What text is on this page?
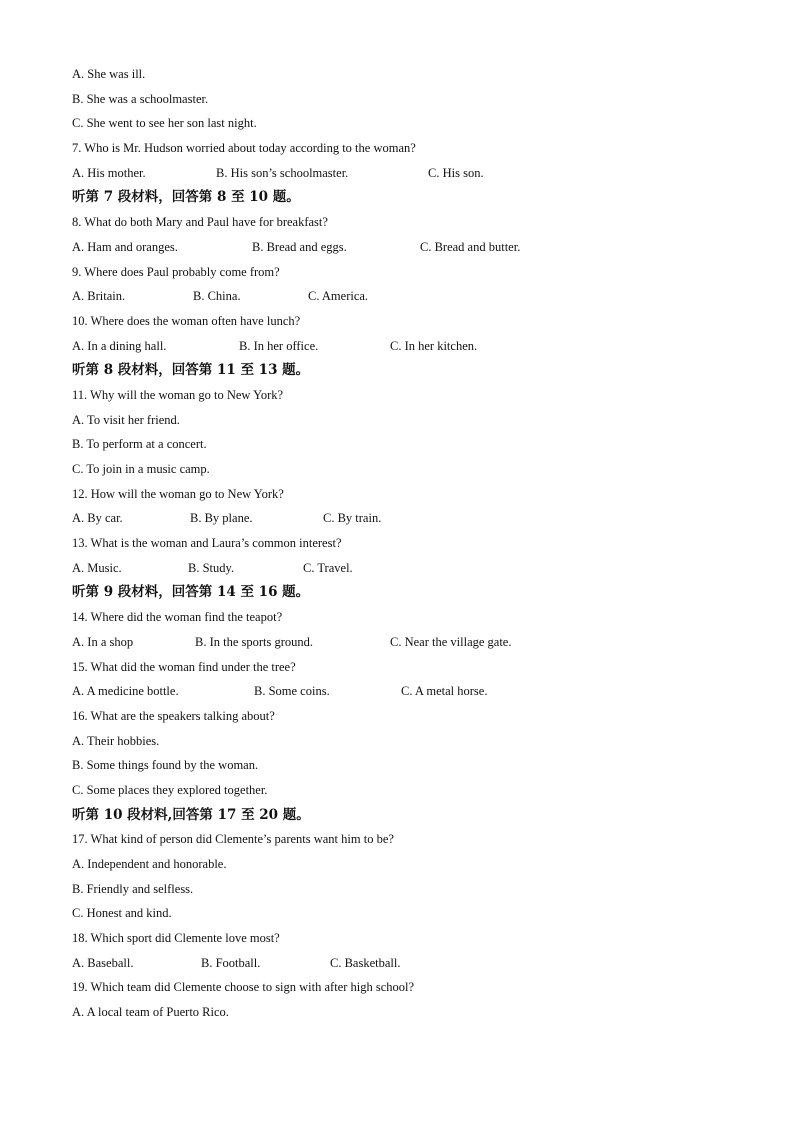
A. She was ill.
B. She was a schoolmaster.
C. She went to see her son last night.
7. Who is Mr. Hudson worried about today according to the woman?
A. His mother.	B. His son’s schoolmaster.	C. His son.
听第 7 段材料，回答第 8 至 10 题。
8. What do both Mary and Paul have for breakfast?
A. Ham and oranges.	B. Bread and eggs.	C. Bread and butter.
9. Where does Paul probably come from?
A. Britain.	B. China.	C. America.
10. Where does the woman often have lunch?
A. In a dining hall.	B. In her office.	C. In her kitchen.
听第 8 段材料，回答第 11 至 13 题。
11. Why will the woman go to New York?
A. To visit her friend.
B. To perform at a concert.
C. To join in a music camp.
12. How will the woman go to New York?
A. By car.	B. By plane.	C. By train.
13. What is the woman and Laura’s common interest?
A. Music.	B. Study.	C. Travel.
听第 9 段材料，回答第 14 至 16 题。
14. Where did the woman find the teapot?
A. In a shop	B. In the sports ground.	C. Near the village gate.
15. What did the woman find under the tree?
A. A medicine bottle.	B. Some coins.	C. A metal horse.
16. What are the speakers talking about?
A. Their hobbies.
B. Some things found by the woman.
C. Some places they explored together.
听第 10 段材料,回答第 17 至 20 题。
17. What kind of person did Clemente’s parents want him to be?
A. Independent and honorable.
B. Friendly and selfless.
C. Honest and kind.
18. Which sport did Clemente love most?
A. Baseball.	B. Football.	C. Basketball.
19. Which team did Clemente choose to sign with after high school?
A. A local team of Puerto Rico.
